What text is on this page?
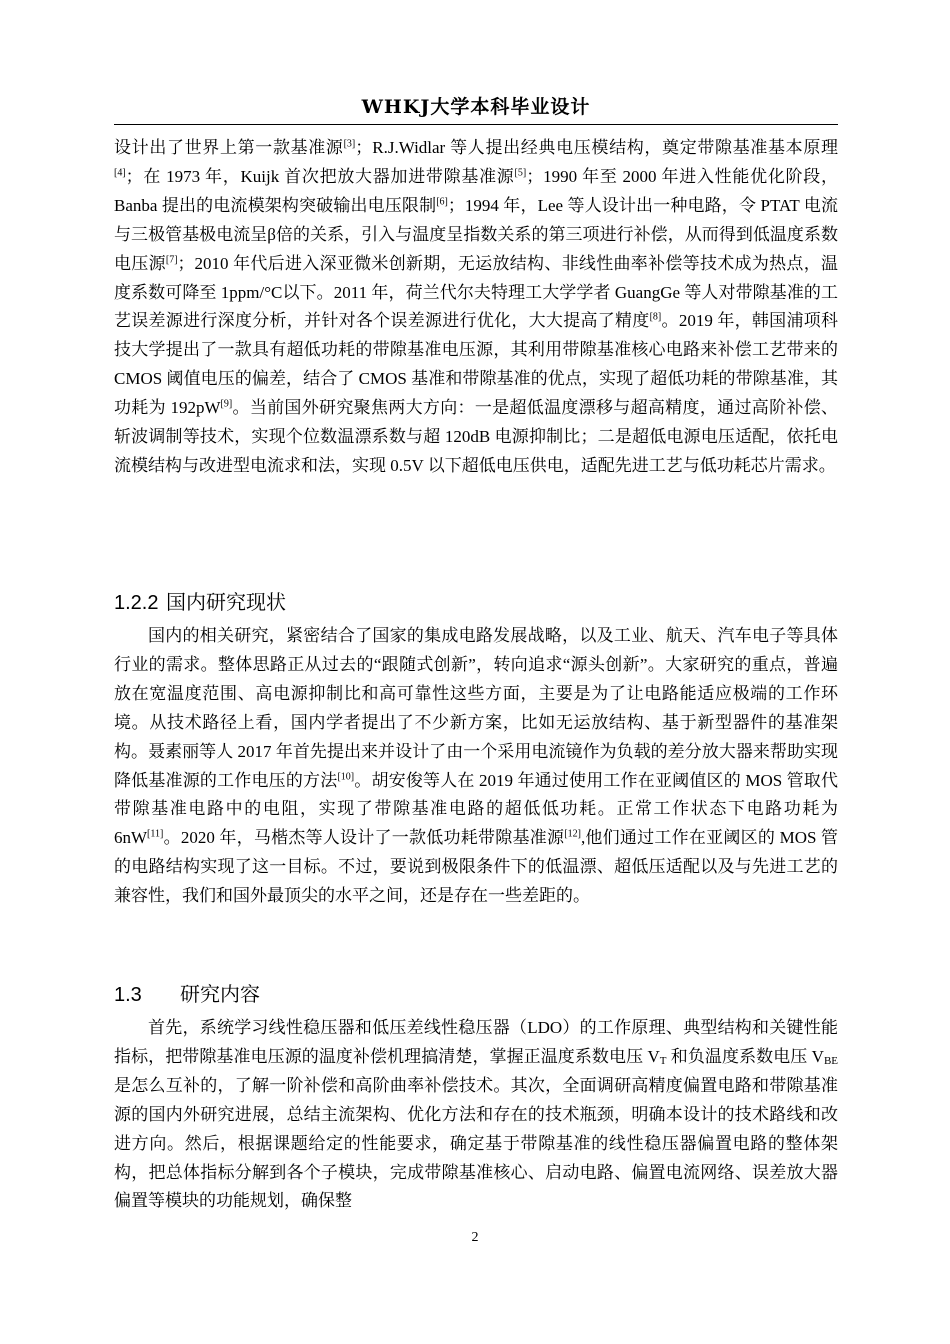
WHKJ大学本科毕业设计

设计出了世界上第一款基准源[3]；R.J.Widlar 等人提出经典电压模结构，奠定带隙基准基本原理[4]；在 1973 年，Kuijk 首次把放大器加进带隙基准源[5]；1990 年至 2000 年进入性能优化阶段，Banba 提出的电流模架构突破输出电压限制[6]；1994 年，Lee 等人设计出一种电路，令 PTAT 电流与三极管基极电流呈β倍的关系，引入与温度呈指数关系的第三项进行补偿，从而得到低温度系数电压源[7]；2010 年代后进入深亚微米创新期，无运放结构、非线性曲率补偿等技术成为热点，温度系数可降至 1ppm/°C以下。2011 年，荷兰代尔夫特理工大学学者 GuangGe 等人对带隙基准的工艺误差源进行深度分析，并针对各个误差源进行优化，大大提高了精度[8]。2019 年，韩国浦项科技大学提出了一款具有超低功耗的带隙基准电压源，其利用带隙基准核心电路来补偿工艺带来的 CMOS 阈值电压的偏差，结合了 CMOS 基准和带隙基准的优点，实现了超低功耗的带隙基准，其功耗为 192pW[9]。当前国外研究聚焦两大方向：一是超低温度漂移与超高精度，通过高阶补偿、斩波调制等技术，实现个位数温漂系数与超 120dB 电源抑制比；二是超低电源电压适配，依托电流模结构与改进型电流求和法，实现 0.5V 以下超低电压供电，适配先进工艺与低功耗芯片需求。

1.2.2 国内研究现状

国内的相关研究，紧密结合了国家的集成电路发展战略，以及工业、航天、汽车电子等具体行业的需求。整体思路正从过去的“跟随式创新”，转向追求“源头创新”。大家研究的重点，普遍放在宽温度范围、高电源抑制比和高可靠性这些方面，主要是为了让电路能适应极端的工作环境。从技术路径上看，国内学者提出了不少新方案，比如无运放结构、基于新型器件的基准架构。聂素丽等人 2017 年首先提出来并设计了由一个采用电流镜作为负载的差分放大器来帮助实现降低基准源的工作电压的方法[10]。胡安俊等人在 2019 年通过使用工作在亚阈值区的 MOS 管取代带隙基准电路中的电阻，实现了带隙基准电路的超低低功耗。正常工作状态下电路功耗为 6nW[11]。2020 年，马楷杰等人设计了一款低功耗带隙基准源[12],他们通过工作在亚阈区的 MOS 管的电路结构实现了这一目标。不过，要说到极限条件下的低温漂、超低压适配以及与先进工艺的兼容性，我们和国外最顶尖的水平之间，还是存在一些差距的。

1.3 研究内容

首先，系统学习线性稳压器和低压差线性稳压器（LDO）的工作原理、典型结构和关键性能指标，把带隙基准电压源的温度补偿机理搞清楚，掌握正温度系数电压 $V_T$ 和负温度系数电压 $V_{BE}$ 是怎么互补的，了解一阶补偿和高阶曲率补偿技术。其次，全面调研高精度偏置电路和带隙基准源的国内外研究进展，总结主流架构、优化方法和存在的技术瓶颈，明确本设计的技术路线和改进方向。然后，根据课题给定的性能要求，确定基于带隙基准的线性稳压器偏置电路的整体架构，把总体指标分解到各个子模块，完成带隙基准核心、启动电路、偏置电流网络、误差放大器偏置等模块的功能规划，确保整

2
